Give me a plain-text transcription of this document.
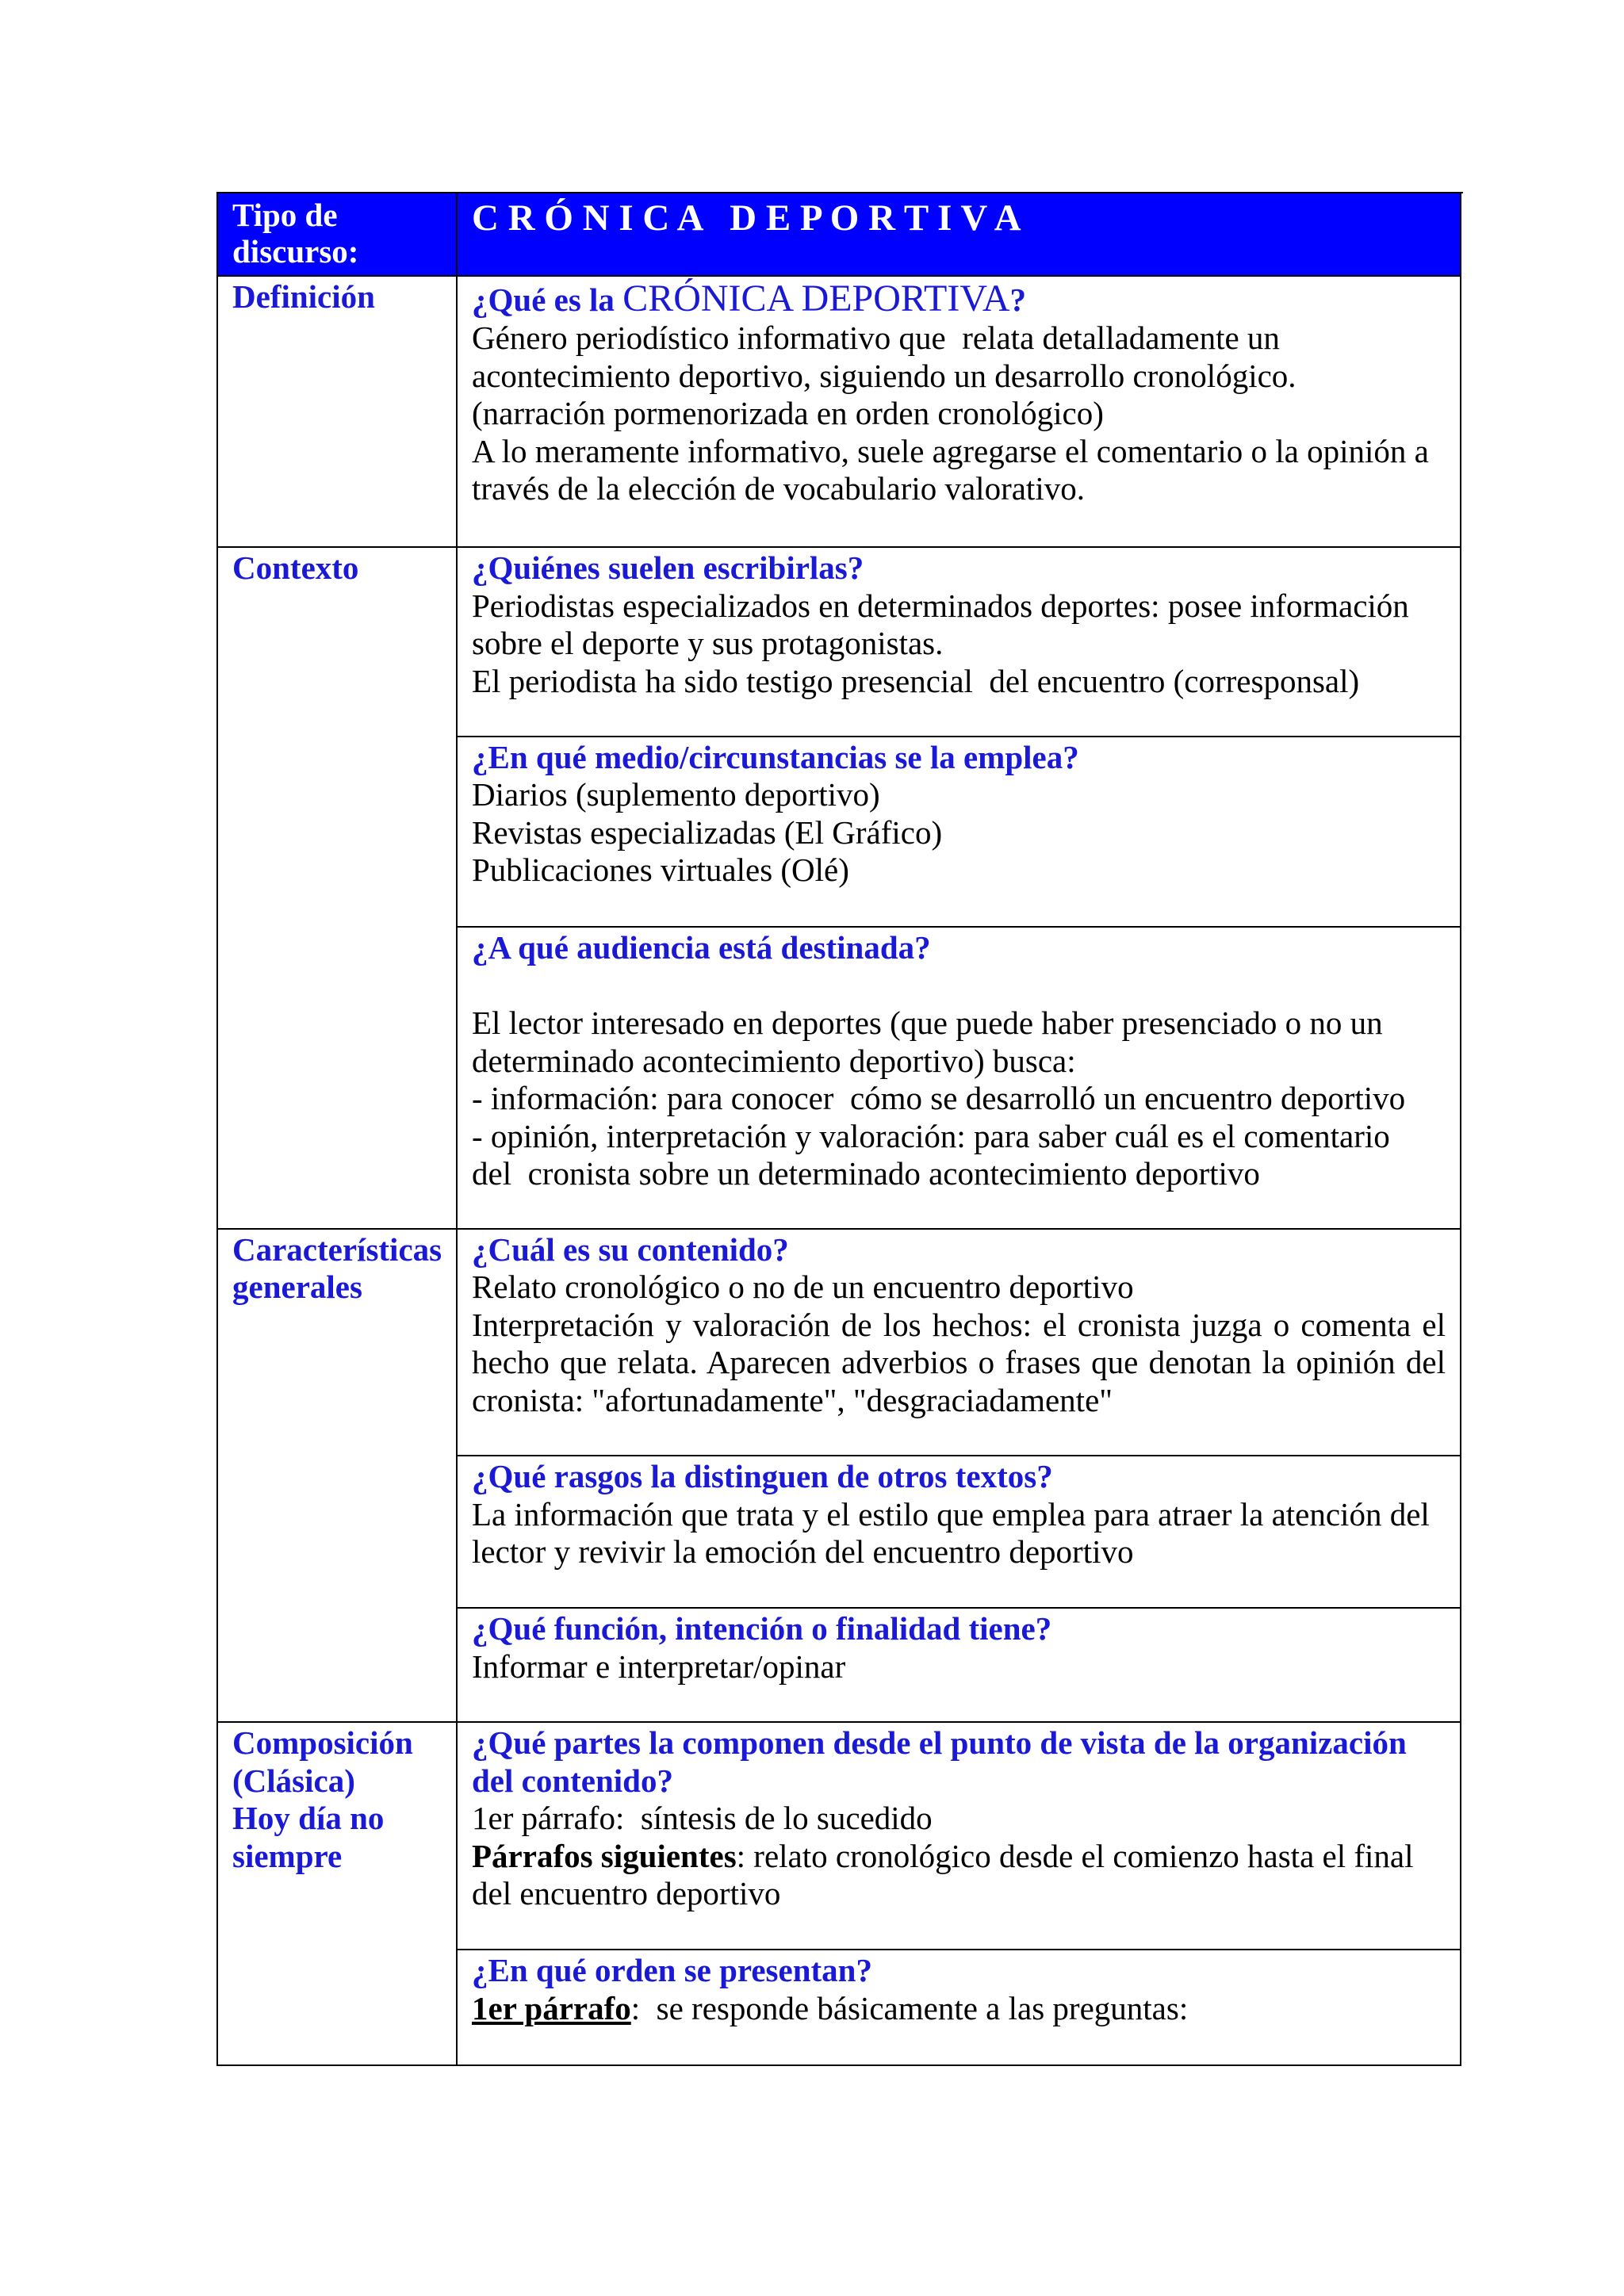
Tipo de
discurso:
C R Ó N I C A   D E P O R T I V A
Definición	¿Qué es la CRÓNICA DEPORTIVA?
Género periodístico informativo que  relata detalladamente un
acontecimiento deportivo, siguiendo un desarrollo cronológico.
(narración pormenorizada en orden cronológico)
A lo meramente informativo, suele agregarse el comentario o la opinión a
través de la elección de vocabulario valorativo.
Contexto	¿Quiénes suelen escribirlas?
Periodistas especializados en determinados deportes: posee información
sobre el deporte y sus protagonistas.
El periodista ha sido testigo presencial  del encuentro (corresponsal)
¿En qué medio/circunstancias se la emplea?
Diarios (suplemento deportivo)
Revistas especializadas (El Gráfico)
Publicaciones virtuales (Olé)
¿A qué audiencia está destinada?
El lector interesado en deportes (que puede haber presenciado o no un
determinado acontecimiento deportivo) busca:
- información: para conocer  cómo se desarrolló un encuentro deportivo
- opinión, interpretación y valoración: para saber cuál es el comentario
del  cronista sobre un determinado acontecimiento deportivo
Características
generales
¿Cuál es su contenido?
Relato cronológico o no de un encuentro deportivo
Interpretación y valoración de los hechos: el cronista juzga o comenta el
hecho que relata. Aparecen adverbios o frases que denotan la opinión del
cronista: "afortunadamente", "desgraciadamente"
¿Qué rasgos la distinguen de otros textos?
La información que trata y el estilo que emplea para atraer la atención del
lector y revivir la emoción del encuentro deportivo
¿Qué función, intención o finalidad tiene?
Informar e interpretar/opinar
Composición
(Clásica)
Hoy día no
siempre
¿Qué partes la componen desde el punto de vista de la organización
del contenido?
1er párrafo:  síntesis de lo sucedido
Párrafos siguientes: relato cronológico desde el comienzo hasta el final
del encuentro deportivo
¿En qué orden se presentan?
1er párrafo:  se responde básicamente a las preguntas:
